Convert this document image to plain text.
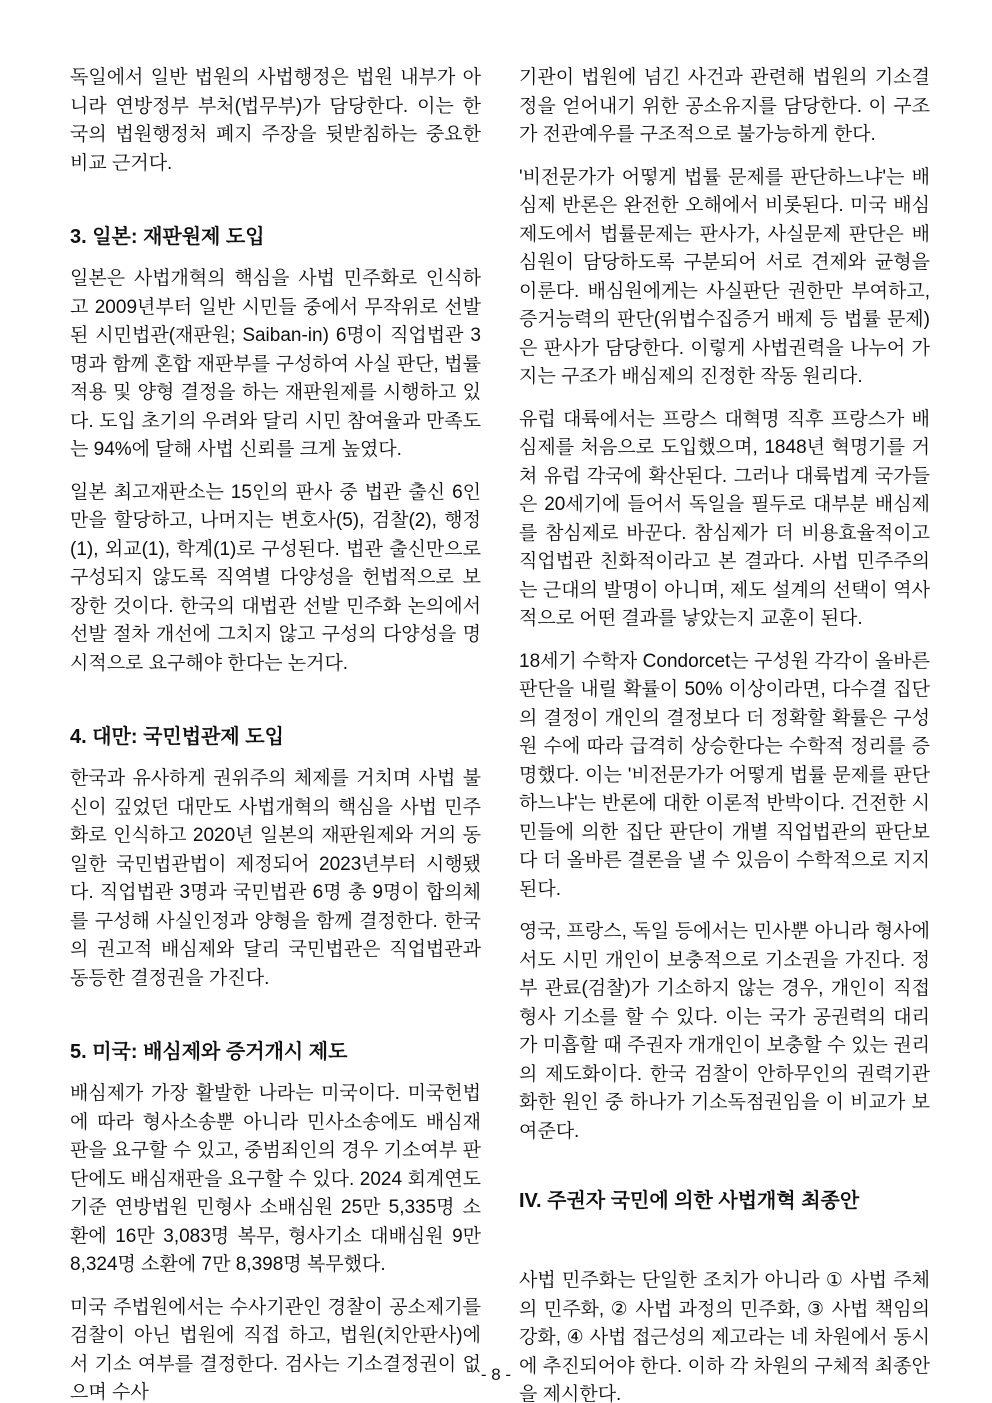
독일에서 일반 법원의 사법행정은 법원 내부가 아니라 연방정부 부처(법무부)가 담당한다. 이는 한국의 법원행정처 폐지 주장을 뒷받침하는 중요한 비교 근거다.

3. 일본: 재판원제 도입

일본은 사법개혁의 핵심을 사법 민주화로 인식하고 2009년부터 일반 시민들 중에서 무작위로 선발된 시민법관(재판원; Saiban-in) 6명이 직업법관 3명과 함께 혼합 재판부를 구성하여 사실 판단, 법률 적용 및 양형 결정을 하는 재판원제를 시행하고 있다. 도입 초기의 우려와 달리 시민 참여율과 만족도는 94%에 달해 사법 신뢰를 크게 높였다.

일본 최고재판소는 15인의 판사 중 법관 출신 6인만을 할당하고, 나머지는 변호사(5), 검찰(2), 행정(1), 외교(1), 학계(1)로 구성된다. 법관 출신만으로 구성되지 않도록 직역별 다양성을 헌법적으로 보장한 것이다. 한국의 대법관 선발 민주화 논의에서 선발 절차 개선에 그치지 않고 구성의 다양성을 명시적으로 요구해야 한다는 논거다.

4. 대만: 국민법관제 도입

한국과 유사하게 권위주의 체제를 거치며 사법 불신이 깊었던 대만도 사법개혁의 핵심을 사법 민주화로 인식하고 2020년 일본의 재판원제와 거의 동일한 국민법관법이 제정되어 2023년부터 시행됐다. 직업법관 3명과 국민법관 6명 총 9명이 합의체를 구성해 사실인정과 양형을 함께 결정한다. 한국의 권고적 배심제와 달리 국민법관은 직업법관과 동등한 결정권을 가진다.

5. 미국: 배심제와 증거개시 제도

배심제가 가장 활발한 나라는 미국이다. 미국헌법에 따라 형사소송뿐 아니라 민사소송에도 배심재판을 요구할 수 있고, 중범죄인의 경우 기소여부 판단에도 배심재판을 요구할 수 있다. 2024 회계연도 기준 연방법원 민형사 소배심원 25만 5,335명 소환에 16만 3,083명 복무, 형사기소 대배심원 9만 8,324명 소환에 7만 8,398명 복무했다.

미국 주법원에서는 수사기관인 경찰이 공소제기를 검찰이 아닌 법원에 직접 하고, 법원(치안판사)에서 기소 여부를 결정한다. 검사는 기소결정권이 없으며 수사

기관이 법원에 넘긴 사건과 관련해 법원의 기소결정을 얻어내기 위한 공소유지를 담당한다. 이 구조가 전관예우를 구조적으로 불가능하게 한다.

'비전문가가 어떻게 법률 문제를 판단하느냐'는 배심제 반론은 완전한 오해에서 비롯된다. 미국 배심제도에서 법률문제는 판사가, 사실문제 판단은 배심원이 담당하도록 구분되어 서로 견제와 균형을 이룬다. 배심원에게는 사실판단 권한만 부여하고, 증거능력의 판단(위법수집증거 배제 등 법률 문제)은 판사가 담당한다. 이렇게 사법권력을 나누어 가지는 구조가 배심제의 진정한 작동 원리다.

유럽 대륙에서는 프랑스 대혁명 직후 프랑스가 배심제를 처음으로 도입했으며, 1848년 혁명기를 거쳐 유럽 각국에 확산된다. 그러나 대륙법계 국가들은 20세기에 들어서 독일을 필두로 대부분 배심제를 참심제로 바꾼다. 참심제가 더 비용효율적이고 직업법관 친화적이라고 본 결과다. 사법 민주주의는 근대의 발명이 아니며, 제도 설계의 선택이 역사적으로 어떤 결과를 낳았는지 교훈이 된다.

18세기 수학자 Condorcet는 구성원 각각이 올바른 판단을 내릴 확률이 50% 이상이라면, 다수결 집단의 결정이 개인의 결정보다 더 정확할 확률은 구성원 수에 따라 급격히 상승한다는 수학적 정리를 증명했다. 이는 '비전문가가 어떻게 법률 문제를 판단하느냐'는 반론에 대한 이론적 반박이다. 건전한 시민들에 의한 집단 판단이 개별 직업법관의 판단보다 더 올바른 결론을 낼 수 있음이 수학적으로 지지된다.

영국, 프랑스, 독일 등에서는 민사뿐 아니라 형사에서도 시민 개인이 보충적으로 기소권을 가진다. 정부 관료(검찰)가 기소하지 않는 경우, 개인이 직접 형사 기소를 할 수 있다. 이는 국가 공권력의 대리가 미흡할 때 주권자 개개인이 보충할 수 있는 권리의 제도화이다. 한국 검찰이 안하무인의 권력기관화한 원인 중 하나가 기소독점권임을 이 비교가 보여준다.

IV. 주권자 국민에 의한 사법개혁 최종안

사법 민주화는 단일한 조치가 아니라 ① 사법 주체의 민주화, ② 사법 과정의 민주화, ③ 사법 책임의 강화, ④ 사법 접근성의 제고라는 네 차원에서 동시에 추진되어야 한다. 이하 각 차원의 구체적 최종안을 제시한다.

- 8 -
